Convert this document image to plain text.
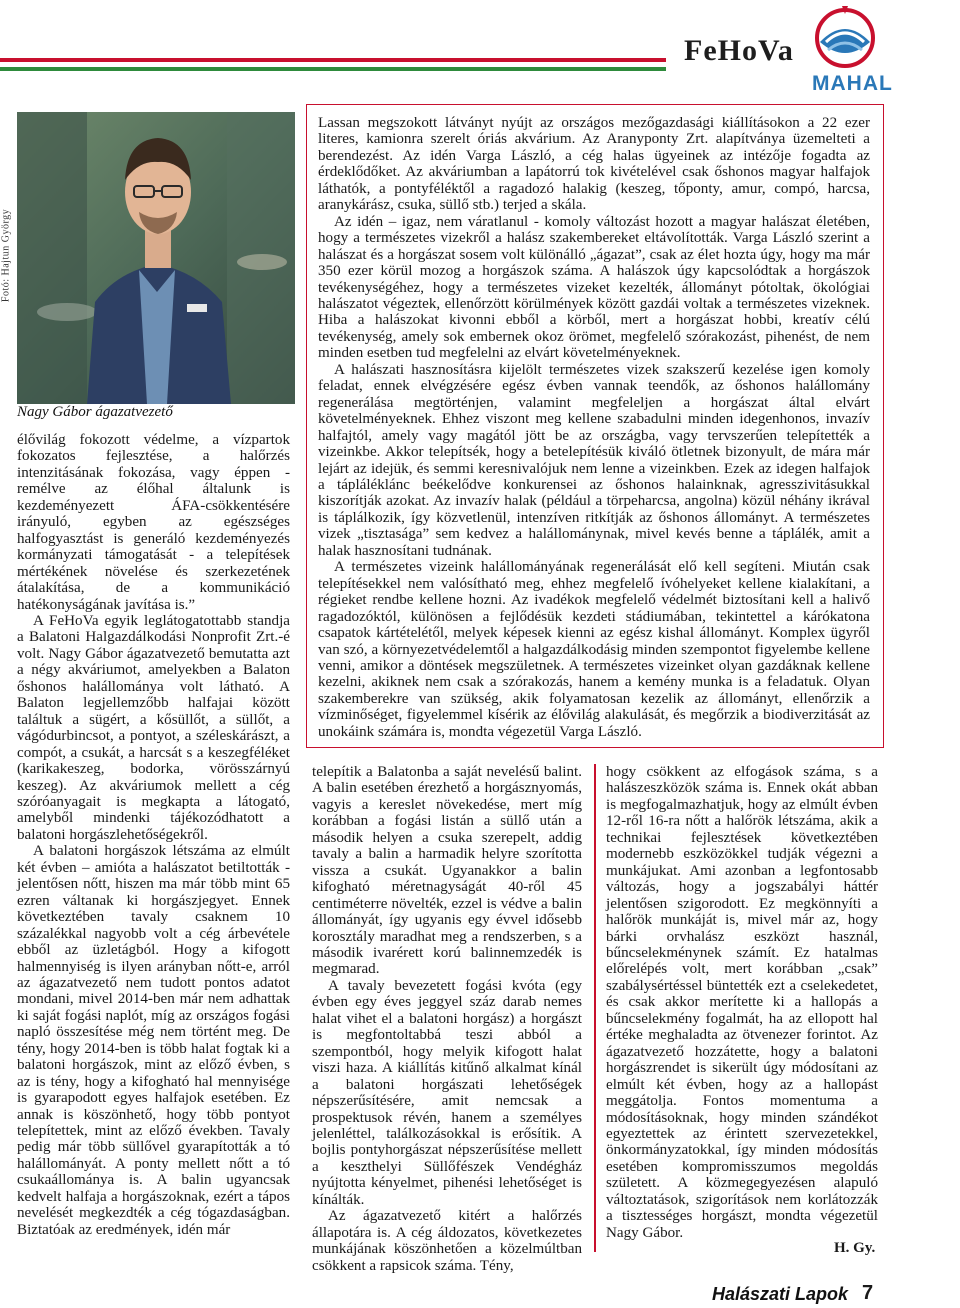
FeHoVa
MAHAL
Fotó: Hajtun György
Nagy Gábor ágazatvezető

élővilág fokozott védelme, a vízpartok fokozatos fejlesztése, a halőrzés intenzitásának fokozása, vagy éppen - remélve az élőhal általunk is kezdeményezett ÁFA-csökkentésére irányuló, egyben az egészséges halfogyasztást is generáló kezdeményezés kormányzati támogatását - a telepítések mértékének növelése és szerkezetének átalakítása, de a kommunikáció hatékonyságának javítása is.”

A FeHoVa egyik leglátogatottabb standja a Balatoni Halgazdálkodási Nonprofit Zrt.-é volt. Nagy Gábor ágazatvezető bemutatta azt a négy akváriumot, amelyekben a Balaton őshonos halállománya volt látható. A Balaton legjellemzőbb halfajai között találtuk a sügért, a kősüllőt, a süllőt, a vágódurbincsot, a pontyot, a széleskárászt, a compót, a csukát, a harcsát s a keszegféléket (karikakeszeg, bodorka, vörösszárnyú keszeg). Az akváriumok mellett a cég szóróanyagait is megkapta a látogató, amelyből mindenki tájékozódhatott a balatoni horgászlehetőségekről.

A balatoni horgászok létszáma az elmúlt két évben – amióta a halászatot betiltották - jelentősen nőtt, hiszen ma már több mint 65 ezren váltanak ki horgászjegyet. Ennek következtében tavaly csaknem 10 százalékkal nagyobb volt a cég árbevétele ebből az üzletágból. Hogy a kifogott halmennyiség is ilyen arányban nőtt-e, arról az ágazatvezető nem tudott pontos adatot mondani, mivel 2014-ben már nem adhattak ki saját fogási naplót, míg az országos fogási napló összesítése még nem történt meg. De tény, hogy 2014-ben is több halat fogtak ki a balatoni horgászok, mint az előző évben, s az is tény, hogy a kifogható hal mennyisége is gyarapodott egyes halfajok esetében. Ez annak is köszönhető, hogy több pontyot telepítettek, mint az előző években. Tavaly pedig már több süllővel gyarapították a tó halállományát. A ponty mellett nőtt a tó csukaállománya is. A balin ugyancsak kedvelt halfaja a horgászoknak, ezért a tápos nevelését megkezdték a cég tógazdaságban. Biztatóak az eredmények, idén már

Lassan megszokott látványt nyújt az országos mezőgazdasági kiállításokon a 22 ezer literes, kamionra szerelt óriás akvárium. Az Aranyponty Zrt. alapítványa üzemelteti a berendezést. Az idén Varga László, a cég halas ügyeinek az intézője fogadta az érdeklődőket. Az akváriumban a lapátorrú tok kivételével csak őshonos magyar halfajok láthatók, a pontyféléktől a ragadozó halakig (keszeg, tőponty, amur, compó, harcsa, aranykárász, csuka, süllő stb.) terjed a skála.

Az idén – igaz, nem váratlanul - komoly változást hozott a magyar halászat életében, hogy a természetes vizekről a halász szakembereket eltávolították. Varga László szerint a halászat és a horgászat sosem volt különálló „ágazat”, csak az élet hozta úgy, hogy ma már 350 ezer körül mozog a horgászok száma. A halászok úgy kapcsolódtak a horgászok tevékenységéhez, hogy a természetes vizeket kezelték, állományt pótoltak, ökológiai halászatot végeztek, ellenőrzött körülmények között gazdái voltak a természetes vizeknek. Hiba a halászokat kivonni ebből a körből, mert a horgászat hobbi, kreatív célú tevékenység, amely sok embernek okoz örömet, megfelelő szórakozást, pihenést, de nem minden esetben tud megfelelni az elvárt követelményeknek.

A halászati hasznosításra kijelölt természetes vizek szakszerű kezelése igen komoly feladat, ennek elvégzésére egész évben vannak teendők, az őshonos halállomány regenerálása megtörténjen, valamint megfeleljen a horgászat által elvárt követelményeknek. Ehhez viszont meg kellene szabadulni minden idegenhonos, invazív halfajtól, amely vagy magától jött be az országba, vagy tervszerűen telepítették a vizeinkbe. Akkor telepítsék, hogy a betelepítésük kiváló ötletnek bizonyult, de mára már lejárt az idejük, és semmi keresnivalójuk nem lenne a vizeinkben. Ezek az idegen halfajok a tápláléklánc beékelődve konkurensei az őshonos halainknak, agresszivitásukkal kiszorítják azokat. Az invazív halak (például a törpeharcsa, angolna) közül néhány ikrával is táplálkozik, így közvetlenül, intenzíven ritkítják az őshonos állományt. A természetes vizek „tisztasága” sem kedvez a halállománynak, mivel kevés benne a táplálék, amit a halak hasznosítani tudnának.

A természetes vizeink halállományának regenerálását elő kell segíteni. Miután csak telepítésekkel nem valósítható meg, ehhez megfelelő ívóhelyeket kellene kialakítani, a régieket rendbe kellene hozni. Az ivadékok megfelelő védelmét biztosítani kell a halivő ragadozóktól, különösen a fejlődésük kezdeti stádiumában, tekintettel a kárókatona csapatok kártételétől, melyek képesek kienni az egész kishal állományt. Komplex ügyről van szó, a környezetvédelemtől a halgazdálkodásig minden szempontot figyelembe kellene venni, amikor a döntések megszületnek. A természetes vizeinket olyan gazdáknak kellene kezelni, akiknek nem csak a szórakozás, hanem a kemény munka is a feladatuk. Olyan szakemberekre van szükség, akik folyamatosan kezelik az állományt, ellenőrzik a vízminőséget, figyelemmel kísérik az élővilág alakulását, és megőrzik a biodiverzitását az unokáink számára is, mondta végezetül Varga László.

telepítik a Balatonba a saját nevelésű balint. A balin esetében érezhető a horgásznyomás, vagyis a kereslet növekedése, mert míg korábban a fogási listán a süllő után a második helyen a csuka szerepelt, addig tavaly a balin a harmadik helyre szorította vissza a csukát. Ugyanakkor a balin kifogható méretnagyságát 40-ről 45 centiméterre növelték, ezzel is védve a balin állományát, így ugyanis egy évvel idősebb korosztály maradhat meg a rendszerben, s a második ivarérett korú balinnemzedék is megmarad.

A tavaly bevezetett fogási kvóta (egy évben egy éves jeggyel száz darab nemes halat vihet el a balatoni horgász) a horgászt is megfontoltabbá teszi abból a szempontból, hogy melyik kifogott halat viszi haza. A kiállítás kitűnő alkalmat kínál a balatoni horgászati lehetőségek népszerűsítésére, amit nemcsak a prospektusok révén, hanem a személyes jelenléttel, találkozásokkal is erősítik. A bojlis pontyhorgászat népszerűsítése mellett a keszthelyi Süllőfészek Vendégház nyújtotta kényelmet, pihenési lehetőséget is kínálták.

Az ágazatvezető kitért a halőrzés állapotára is. A cég áldozatos, következetes munkájának köszönhetően a közelmúltban csökkent a rapsicok száma. Tény,

hogy csökkent az elfogások száma, s a halászeszközök száma is. Ennek okát abban is megfogalmazhatjuk, hogy az elmúlt évben 12-ről 16-ra nőtt a halőrök létszáma, akik a technikai fejlesztések következtében modernebb eszközökkel tudják végezni a munkájukat. Ami azonban a legfontosabb változás, hogy a jogszabályi háttér jelentősen szigorodott. Ez megkönnyíti a halőrök munkáját is, mivel már az, hogy bárki orvhalász eszközt használ, bűncselekménynek számít. Ez hatalmas előrelépés volt, mert korábban „csak” szabálysértéssel büntették ezt a cselekedetet, és csak akkor merítette ki a hallopás a bűncselekmény fogalmát, ha az ellopott hal értéke meghaladta az ötvenezer forintot. Az ágazatvezető hozzátette, hogy a balatoni horgászrendet is sikerült úgy módosítani az elmúlt két évben, hogy az a hallopást meggátolja. Fontos momentuma a módosításoknak, hogy minden szándékot egyeztettek az érintett szervezetekkel, önkormányzatokkal, így minden módosítás esetében kompromisszumos megoldás született. A közmegegyezésen alapuló változtatások, szigorítások nem korlátozzák a tisztességes horgászt, mondta végezetül Nagy Gábor.

H. Gy.
Halászati Lapok 7
